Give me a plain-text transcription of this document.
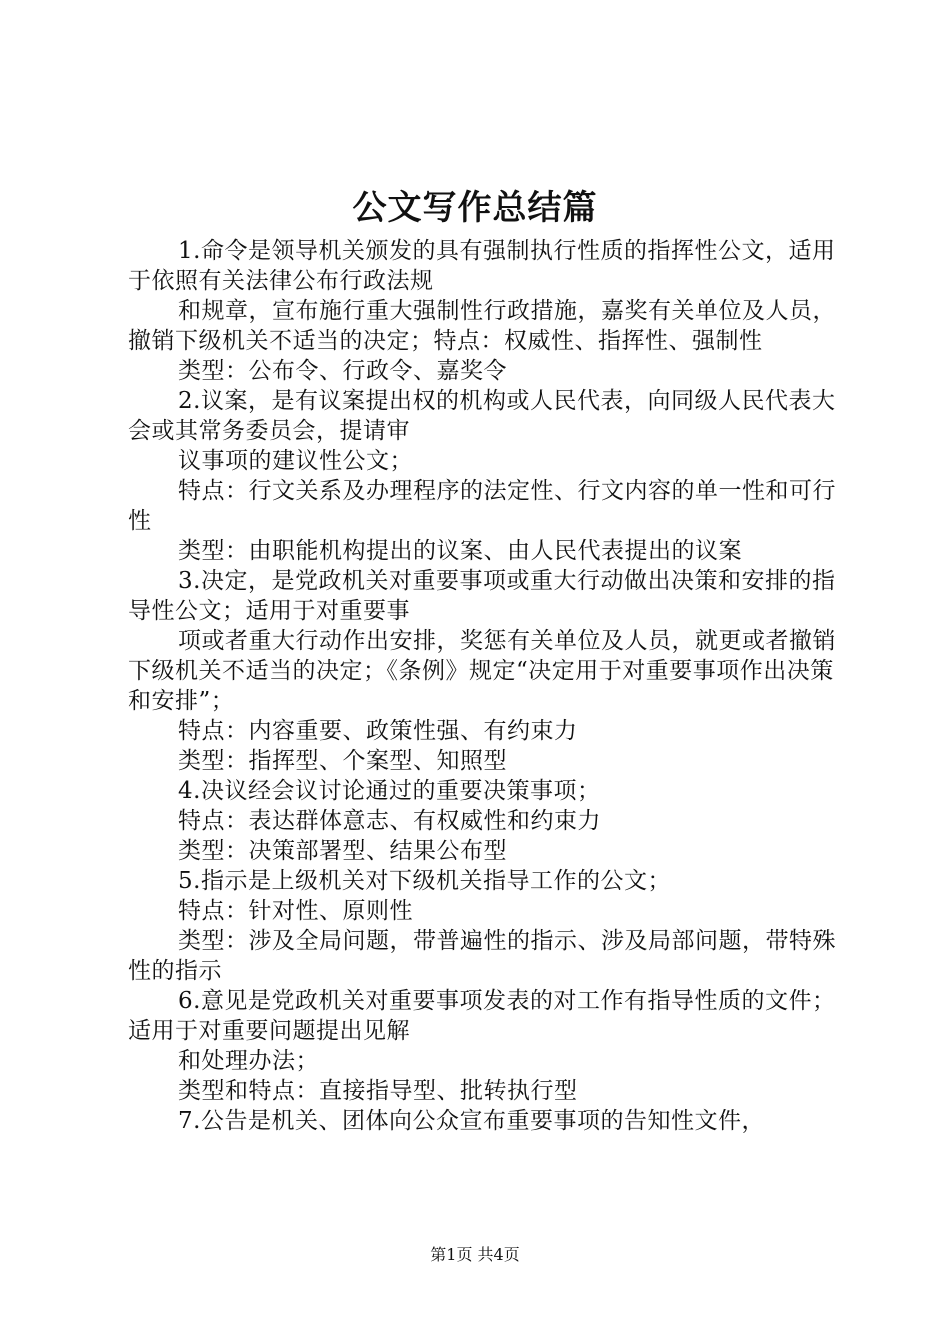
公文写作总结篇

1.命令是领导机关颁发的具有强制执行性质的指挥性公文，适用于依照有关法律公布行政法规

和规章，宣布施行重大强制性行政措施，嘉奖有关单位及人员，撤销下级机关不适当的决定；特点：权威性、指挥性、强制性

类型：公布令、行政令、嘉奖令

2.议案，是有议案提出权的机构或人民代表，向同级人民代表大会或其常务委员会，提请审

议事项的建议性公文；

特点：行文关系及办理程序的法定性、行文内容的单一性和可行性

类型：由职能机构提出的议案、由人民代表提出的议案

3.决定，是党政机关对重要事项或重大行动做出决策和安排的指导性公文；适用于对重要事

项或者重大行动作出安排，奖惩有关单位及人员，就更或者撤销下级机关不适当的决定；《条例》规定“决定用于对重要事项作出决策和安排”；

特点：内容重要、政策性强、有约束力

类型：指挥型、个案型、知照型

4.决议经会议讨论通过的重要决策事项；

特点：表达群体意志、有权威性和约束力

类型：决策部署型、结果公布型

5.指示是上级机关对下级机关指导工作的公文；

特点：针对性、原则性

类型：涉及全局问题，带普遍性的指示、涉及局部问题，带特殊性的指示

6.意见是党政机关对重要事项发表的对工作有指导性质的文件；适用于对重要问题提出见解

和处理办法；

类型和特点：直接指导型、批转执行型

7.公告是机关、团体向公众宣布重要事项的告知性文件，

第1页 共4页
